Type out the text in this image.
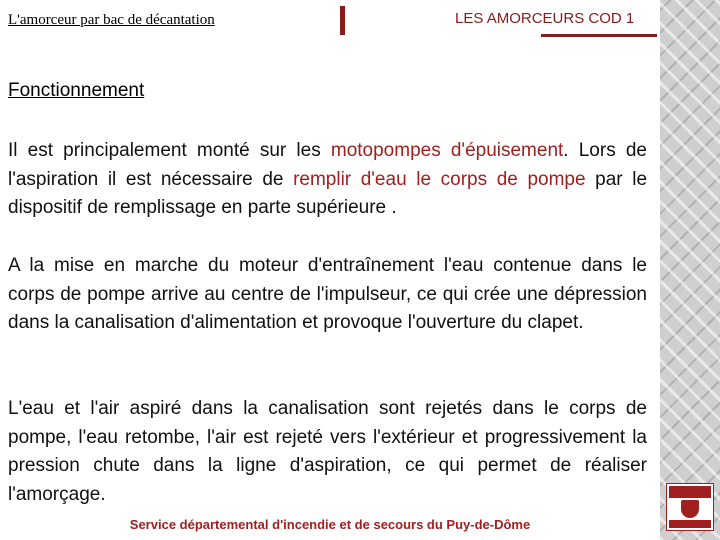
L'amorceur par bac de décantation	LES AMORCEURS COD 1
Fonctionnement

Il est principalement monté sur les motopompes d'épuisement. Lors de l'aspiration il est nécessaire de remplir d'eau le corps de pompe par le dispositif de remplissage en parte supérieure .

A la mise en marche du moteur d'entraînement l'eau contenue dans le corps de pompe arrive au centre de l'impulseur, ce qui crée une dépression dans la canalisation d'alimentation et provoque l'ouverture du clapet.

L'eau et l'air aspiré dans la canalisation sont rejetés dans le corps de pompe, l'eau retombe, l'air est rejeté vers l'extérieur et progressivement la pression chute dans la ligne d'aspiration, ce qui permet de réaliser l'amorçage.

Service départemental d'incendie et de secours du Puy-de-Dôme
